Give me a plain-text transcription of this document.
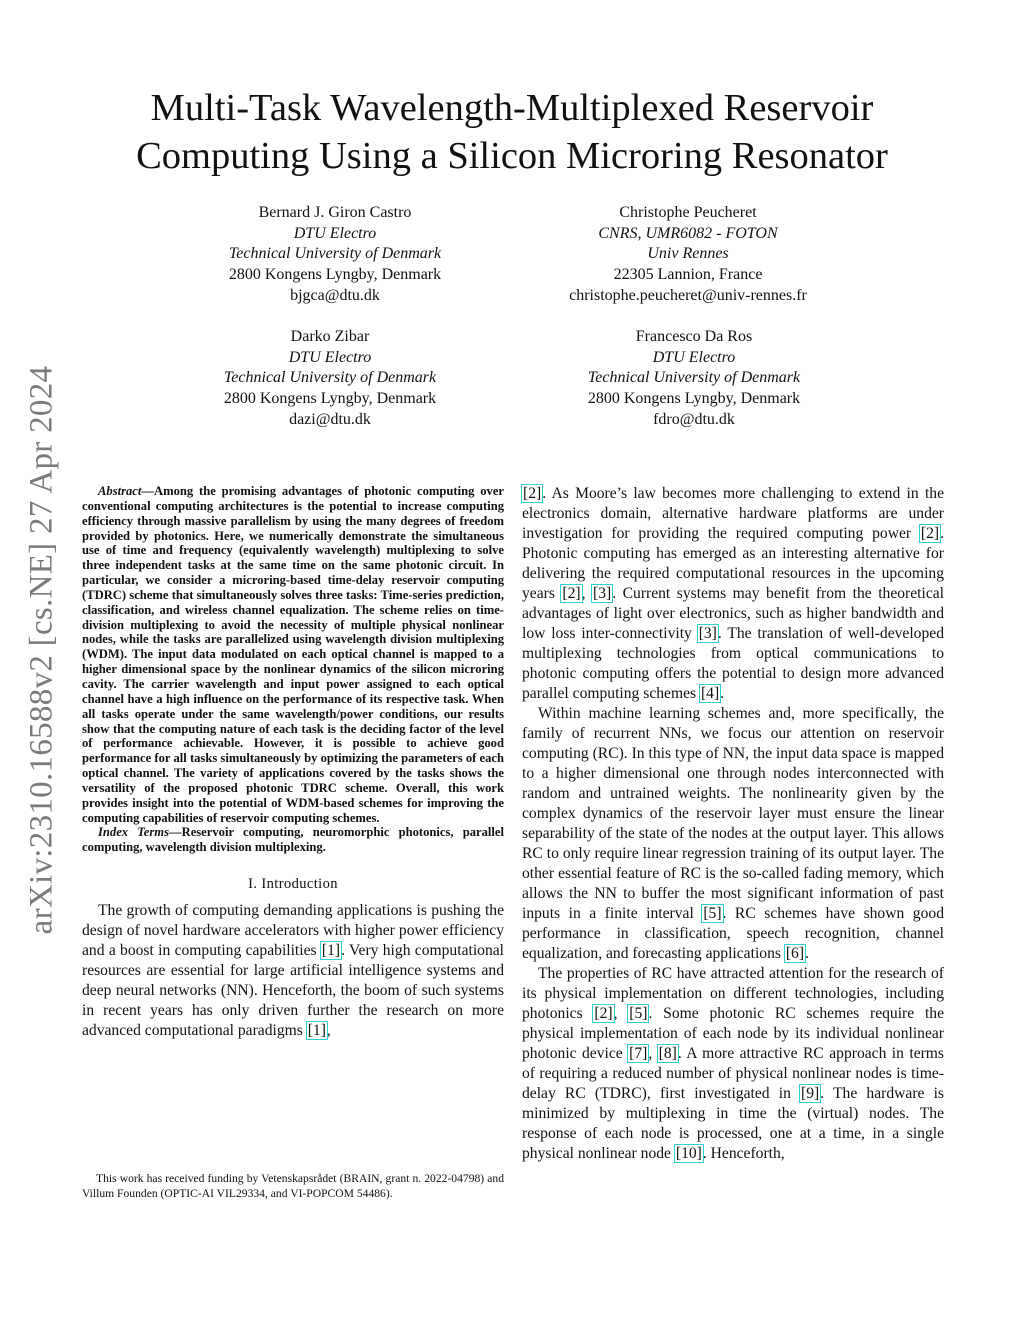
arXiv:2310.16588v2 [cs.NE] 27 Apr 2024
Multi-Task Wavelength-Multiplexed Reservoir
Computing Using a Silicon Microring Resonator
Bernard J. Giron Castro
DTU Electro
Technical University of Denmark
2800 Kongens Lyngby, Denmark
bjgca@dtu.dk
Christophe Peucheret
CNRS, UMR6082 - FOTON
Univ Rennes
22305 Lannion, France
christophe.peucheret@univ-rennes.fr
Darko Zibar
DTU Electro
Technical University of Denmark
2800 Kongens Lyngby, Denmark
dazi@dtu.dk
Francesco Da Ros
DTU Electro
Technical University of Denmark
2800 Kongens Lyngby, Denmark
fdro@dtu.dk

Abstract—Among the promising advantages of photonic computing over conventional computing architectures is the potential to increase computing efficiency through massive parallelism by using the many degrees of freedom provided by photonics. Here, we numerically demonstrate the simultaneous use of time and frequency (equivalently wavelength) multiplexing to solve three independent tasks at the same time on the same photonic circuit. In particular, we consider a microring-based time-delay reservoir computing (TDRC) scheme that simultaneously solves three tasks: Time-series prediction, classification, and wireless channel equalization. The scheme relies on time-division multiplexing to avoid the necessity of multiple physical nonlinear nodes, while the tasks are parallelized using wavelength division multiplexing (WDM). The input data modulated on each optical channel is mapped to a higher dimensional space by the nonlinear dynamics of the silicon microring cavity. The carrier wavelength and input power assigned to each optical channel have a high influence on the performance of its respective task. When all tasks operate under the same wavelength/power conditions, our results show that the computing nature of each task is the deciding factor of the level of performance achievable. However, it is possible to achieve good performance for all tasks simultaneously by optimizing the parameters of each optical channel. The variety of applications covered by the tasks shows the versatility of the proposed photonic TDRC scheme. Overall, this work provides insight into the potential of WDM-based schemes for improving the computing capabilities of reservoir computing schemes.

Index Terms—Reservoir computing, neuromorphic photonics, parallel computing, wavelength division multiplexing.

I. Introduction

The growth of computing demanding applications is pushing the design of novel hardware accelerators with higher power efficiency and a boost in computing capabilities [1]. Very high computational resources are essential for large artificial intelligence systems and deep neural networks (NN). Henceforth, the boom of such systems in recent years has only driven further the research on more advanced computational paradigms [1],

This work has received funding by Vetenskapsrådet (BRAIN, grant n. 2022-04798) and Villum Founden (OPTIC-AI VIL29334, and VI-POPCOM 54486).

[2]. As Moore’s law becomes more challenging to extend in the electronics domain, alternative hardware platforms are under investigation for providing the required computing power [2]. Photonic computing has emerged as an interesting alternative for delivering the required computational resources in the upcoming years [2], [3]. Current systems may benefit from the theoretical advantages of light over electronics, such as higher bandwidth and low loss inter-connectivity [3]. The translation of well-developed multiplexing technologies from optical communications to photonic computing offers the potential to design more advanced parallel computing schemes [4].

Within machine learning schemes and, more specifically, the family of recurrent NNs, we focus our attention on reservoir computing (RC). In this type of NN, the input data space is mapped to a higher dimensional one through nodes interconnected with random and untrained weights. The nonlinearity given by the complex dynamics of the reservoir layer must ensure the linear separability of the state of the nodes at the output layer. This allows RC to only require linear regression training of its output layer. The other essential feature of RC is the so-called fading memory, which allows the NN to buffer the most significant information of past inputs in a finite interval [5]. RC schemes have shown good performance in classification, speech recognition, channel equalization, and forecasting applications [6].

The properties of RC have attracted attention for the research of its physical implementation on different technologies, including photonics [2], [5]. Some photonic RC schemes require the physical implementation of each node by its individual nonlinear photonic device [7], [8]. A more attractive RC approach in terms of requiring a reduced number of physical nonlinear nodes is time-delay RC (TDRC), first investigated in [9]. The hardware is minimized by multiplexing in time the (virtual) nodes. The response of each node is processed, one at a time, in a single physical nonlinear node [10]. Henceforth,
